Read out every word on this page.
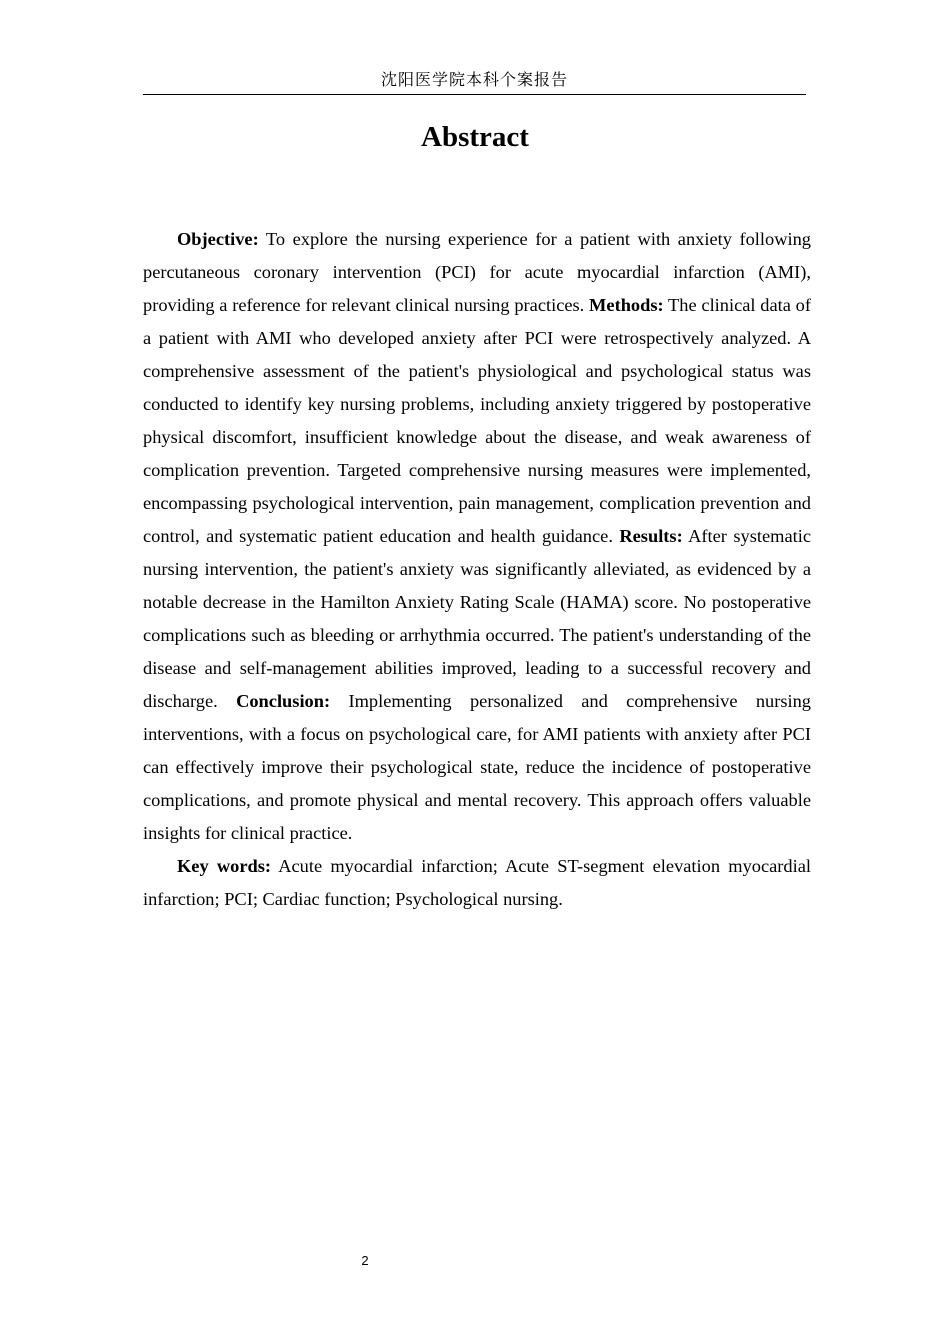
沈阳医学院本科个案报告
Abstract

Objective: To explore the nursing experience for a patient with anxiety following percutaneous coronary intervention (PCI) for acute myocardial infarction (AMI), providing a reference for relevant clinical nursing practices. Methods: The clinical data of a patient with AMI who developed anxiety after PCI were retrospectively analyzed. A comprehensive assessment of the patient's physiological and psychological status was conducted to identify key nursing problems, including anxiety triggered by postoperative physical discomfort, insufficient knowledge about the disease, and weak awareness of complication prevention. Targeted comprehensive nursing measures were implemented, encompassing psychological intervention, pain management, complication prevention and control, and systematic patient education and health guidance. Results: After systematic nursing intervention, the patient's anxiety was significantly alleviated, as evidenced by a notable decrease in the Hamilton Anxiety Rating Scale (HAMA) score. No postoperative complications such as bleeding or arrhythmia occurred. The patient's understanding of the disease and self-management abilities improved, leading to a successful recovery and discharge. Conclusion: Implementing personalized and comprehensive nursing interventions, with a focus on psychological care, for AMI patients with anxiety after PCI can effectively improve their psychological state, reduce the incidence of postoperative complications, and promote physical and mental recovery. This approach offers valuable insights for clinical practice.

Key words: Acute myocardial infarction; Acute ST-segment elevation myocardial infarction; PCI; Cardiac function; Psychological nursing.

2
